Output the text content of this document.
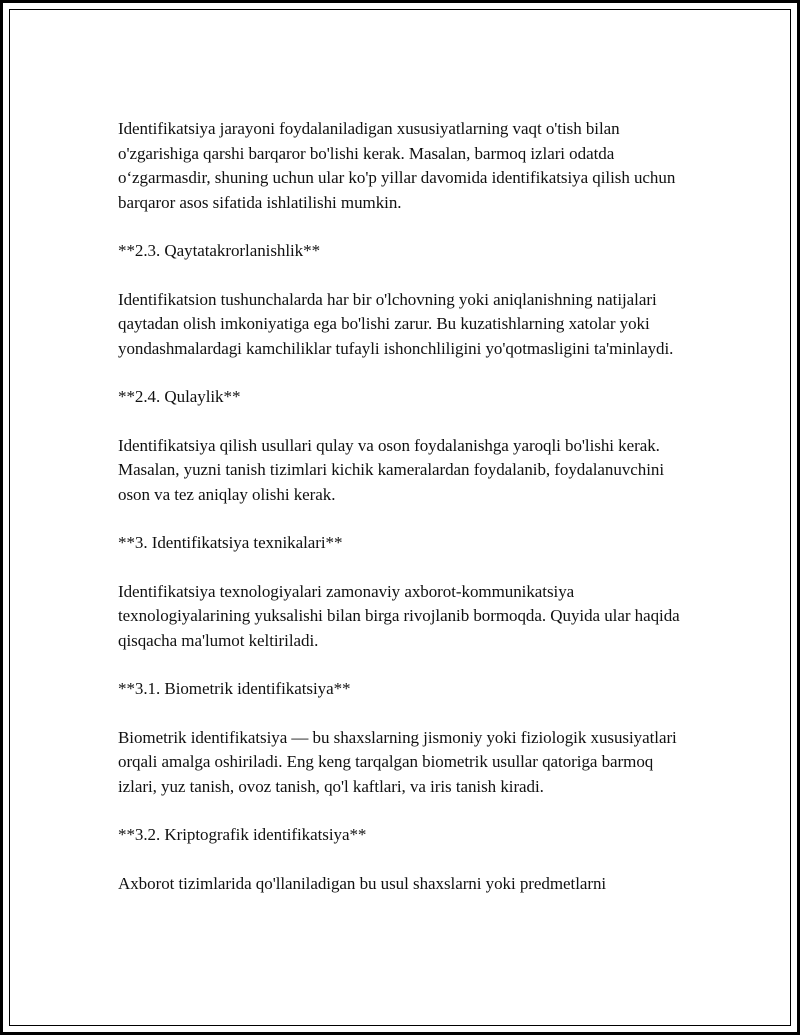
Identifikatsiya jarayoni foydalaniladigan xususiyatlarning vaqt o'tish bilan o'zgarishiga qarshi barqaror bo'lishi kerak. Masalan, barmoq izlari odatda o‘zgarmasdir, shuning uchun ular ko'p yillar davomida identifikatsiya qilish uchun barqaror asos sifatida ishlatilishi mumkin.

**2.3. Qaytatakrorlanishlik**

Identifikatsion tushunchalarda har bir o'lchovning yoki aniqlanishning natijalari qaytadan olish imkoniyatiga ega bo'lishi zarur. Bu kuzatishlarning xatolar yoki yondashmalardagi kamchiliklar tufayli ishonchliligini yo'qotmasligini ta'minlaydi.

**2.4. Qulaylik**

Identifikatsiya qilish usullari qulay va oson foydalanishga yaroqli bo'lishi kerak. Masalan, yuzni tanish tizimlari kichik kameralardan foydalanib, foydalanuvchini oson va tez aniqlay olishi kerak.

**3. Identifikatsiya texnikalari**

Identifikatsiya texnologiyalari zamonaviy axborot-kommunikatsiya texnologiyalarining yuksalishi bilan birga rivojlanib bormoqda. Quyida ular haqida qisqacha ma'lumot keltiriladi.

**3.1. Biometrik identifikatsiya**

Biometrik identifikatsiya — bu shaxslarning jismoniy yoki fiziologik xususiyatlari orqali amalga oshiriladi. Eng keng tarqalgan biometrik usullar qatoriga barmoq izlari, yuz tanish, ovoz tanish, qo'l kaftlari, va iris tanish kiradi.

**3.2. Kriptografik identifikatsiya**

Axborot tizimlarida qo'llaniladigan bu usul shaxslarni yoki predmetlarni
